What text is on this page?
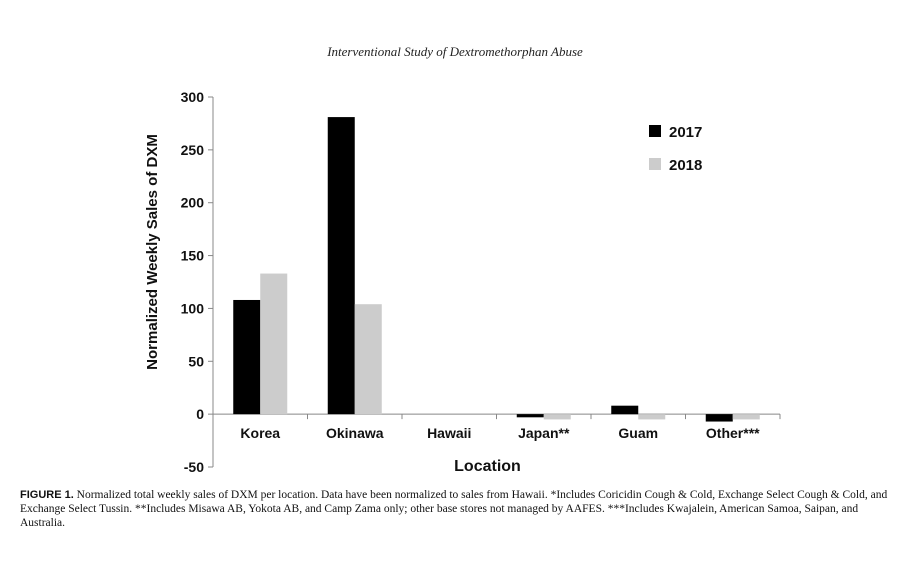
Interventional Study of Dextromethorphan Abuse
-50
0
50
100
150
200
250
300
Korea	Okinawa	Hawaii	Japan**	Guam	Other***
Location
Normalized Weekly Sales of DXM
2017
2018
FIGURE 1. Normalized total weekly sales of DXM per location. Data have been normalized to sales from Hawaii. *Includes Coricidin Cough & Cold, Exchange Select Cough & Cold, and Exchange Select Tussin. **Includes Misawa AB, Yokota AB, and Camp Zama only; other base stores not managed by AAFES. ***Includes Kwajalein, American Samoa, Saipan, and Australia.
